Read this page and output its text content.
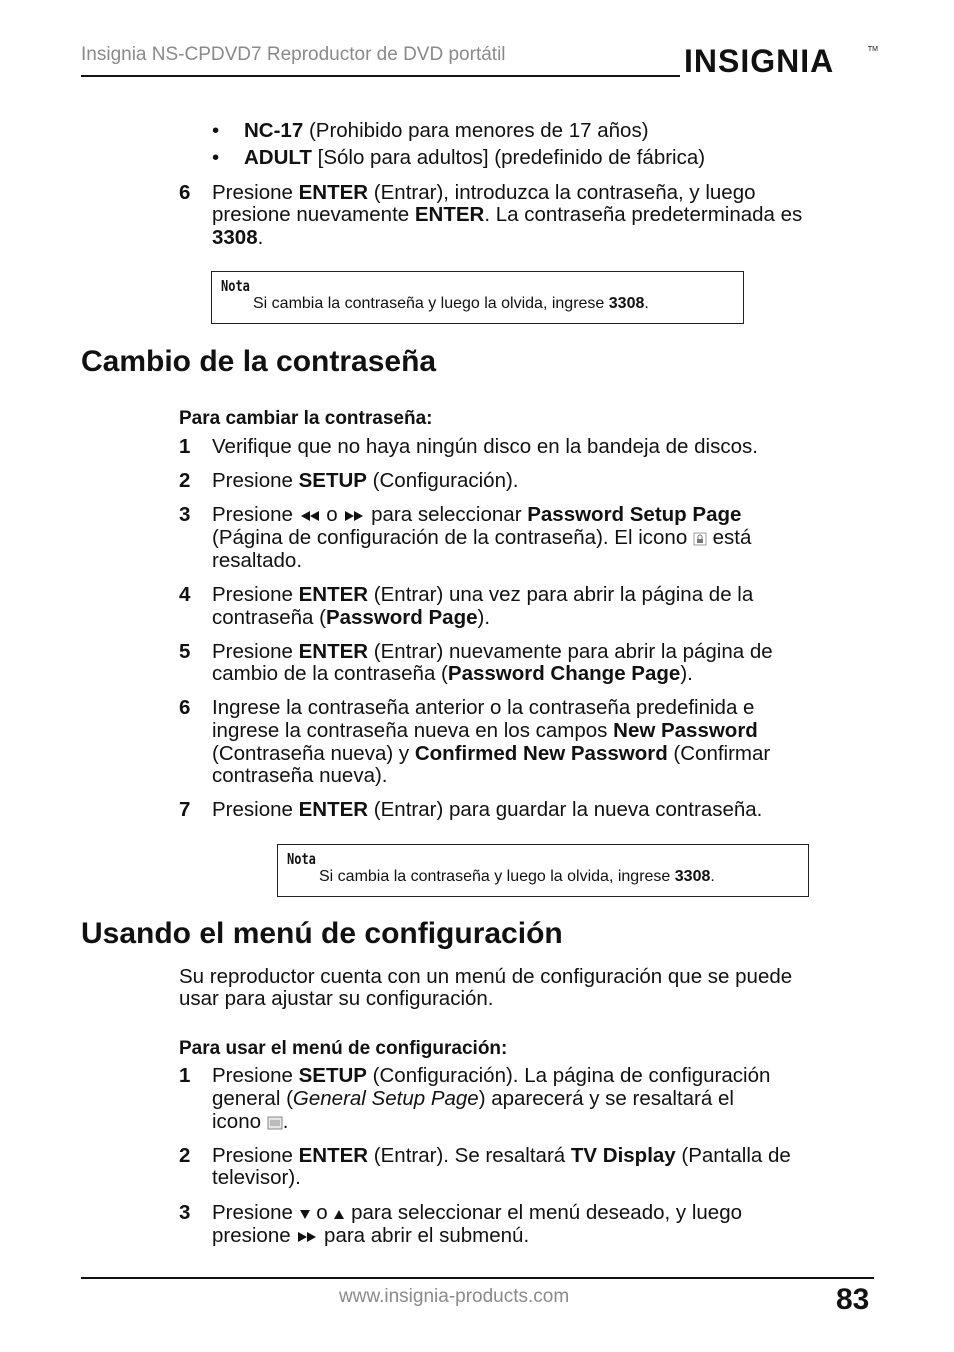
Insignia NS-CPDVD7 Reproductor de DVD portátil	INSIGNIA	TM
• NC-17 (Prohibido para menores de 17 años)
• ADULT [Sólo para adultos] (predefinido de fábrica)
6 Presione ENTER (Entrar), introduzca la contraseña, y luego
presione nuevamente ENTER. La contraseña predeterminada es
3308.
Nota
Si cambia la contraseña y luego la olvida, ingrese 3308.
Cambio de la contraseña
Para cambiar la contraseña:
1 Verifique que no haya ningún disco en la bandeja de discos.
2 Presione SETUP (Configuración).
3 Presione  o  para seleccionar Password Setup Page
(Página de configuración de la contraseña). El icono  está
resaltado.
4 Presione ENTER (Entrar) una vez para abrir la página de la
contraseña (Password Page).
5 Presione ENTER (Entrar) nuevamente para abrir la página de
cambio de la contraseña (Password Change Page).
6 Ingrese la contraseña anterior o la contraseña predefinida e
ingrese la contraseña nueva en los campos New Password
(Contraseña nueva) y Confirmed New Password (Confirmar
contraseña nueva).
7 Presione ENTER (Entrar) para guardar la nueva contraseña.
Nota
Si cambia la contraseña y luego la olvida, ingrese 3308.
Usando el menú de configuración
Su reproductor cuenta con un menú de configuración que se puede
usar para ajustar su configuración.
Para usar el menú de configuración:
1 Presione SETUP (Configuración). La página de configuración
general (General Setup Page) aparecerá y se resaltará el
icono .
2 Presione ENTER (Entrar). Se resaltará TV Display (Pantalla de
televisor).
3 Presione  o  para seleccionar el menú deseado, y luego
presione  para abrir el submenú.
www.insignia-products.com	83
